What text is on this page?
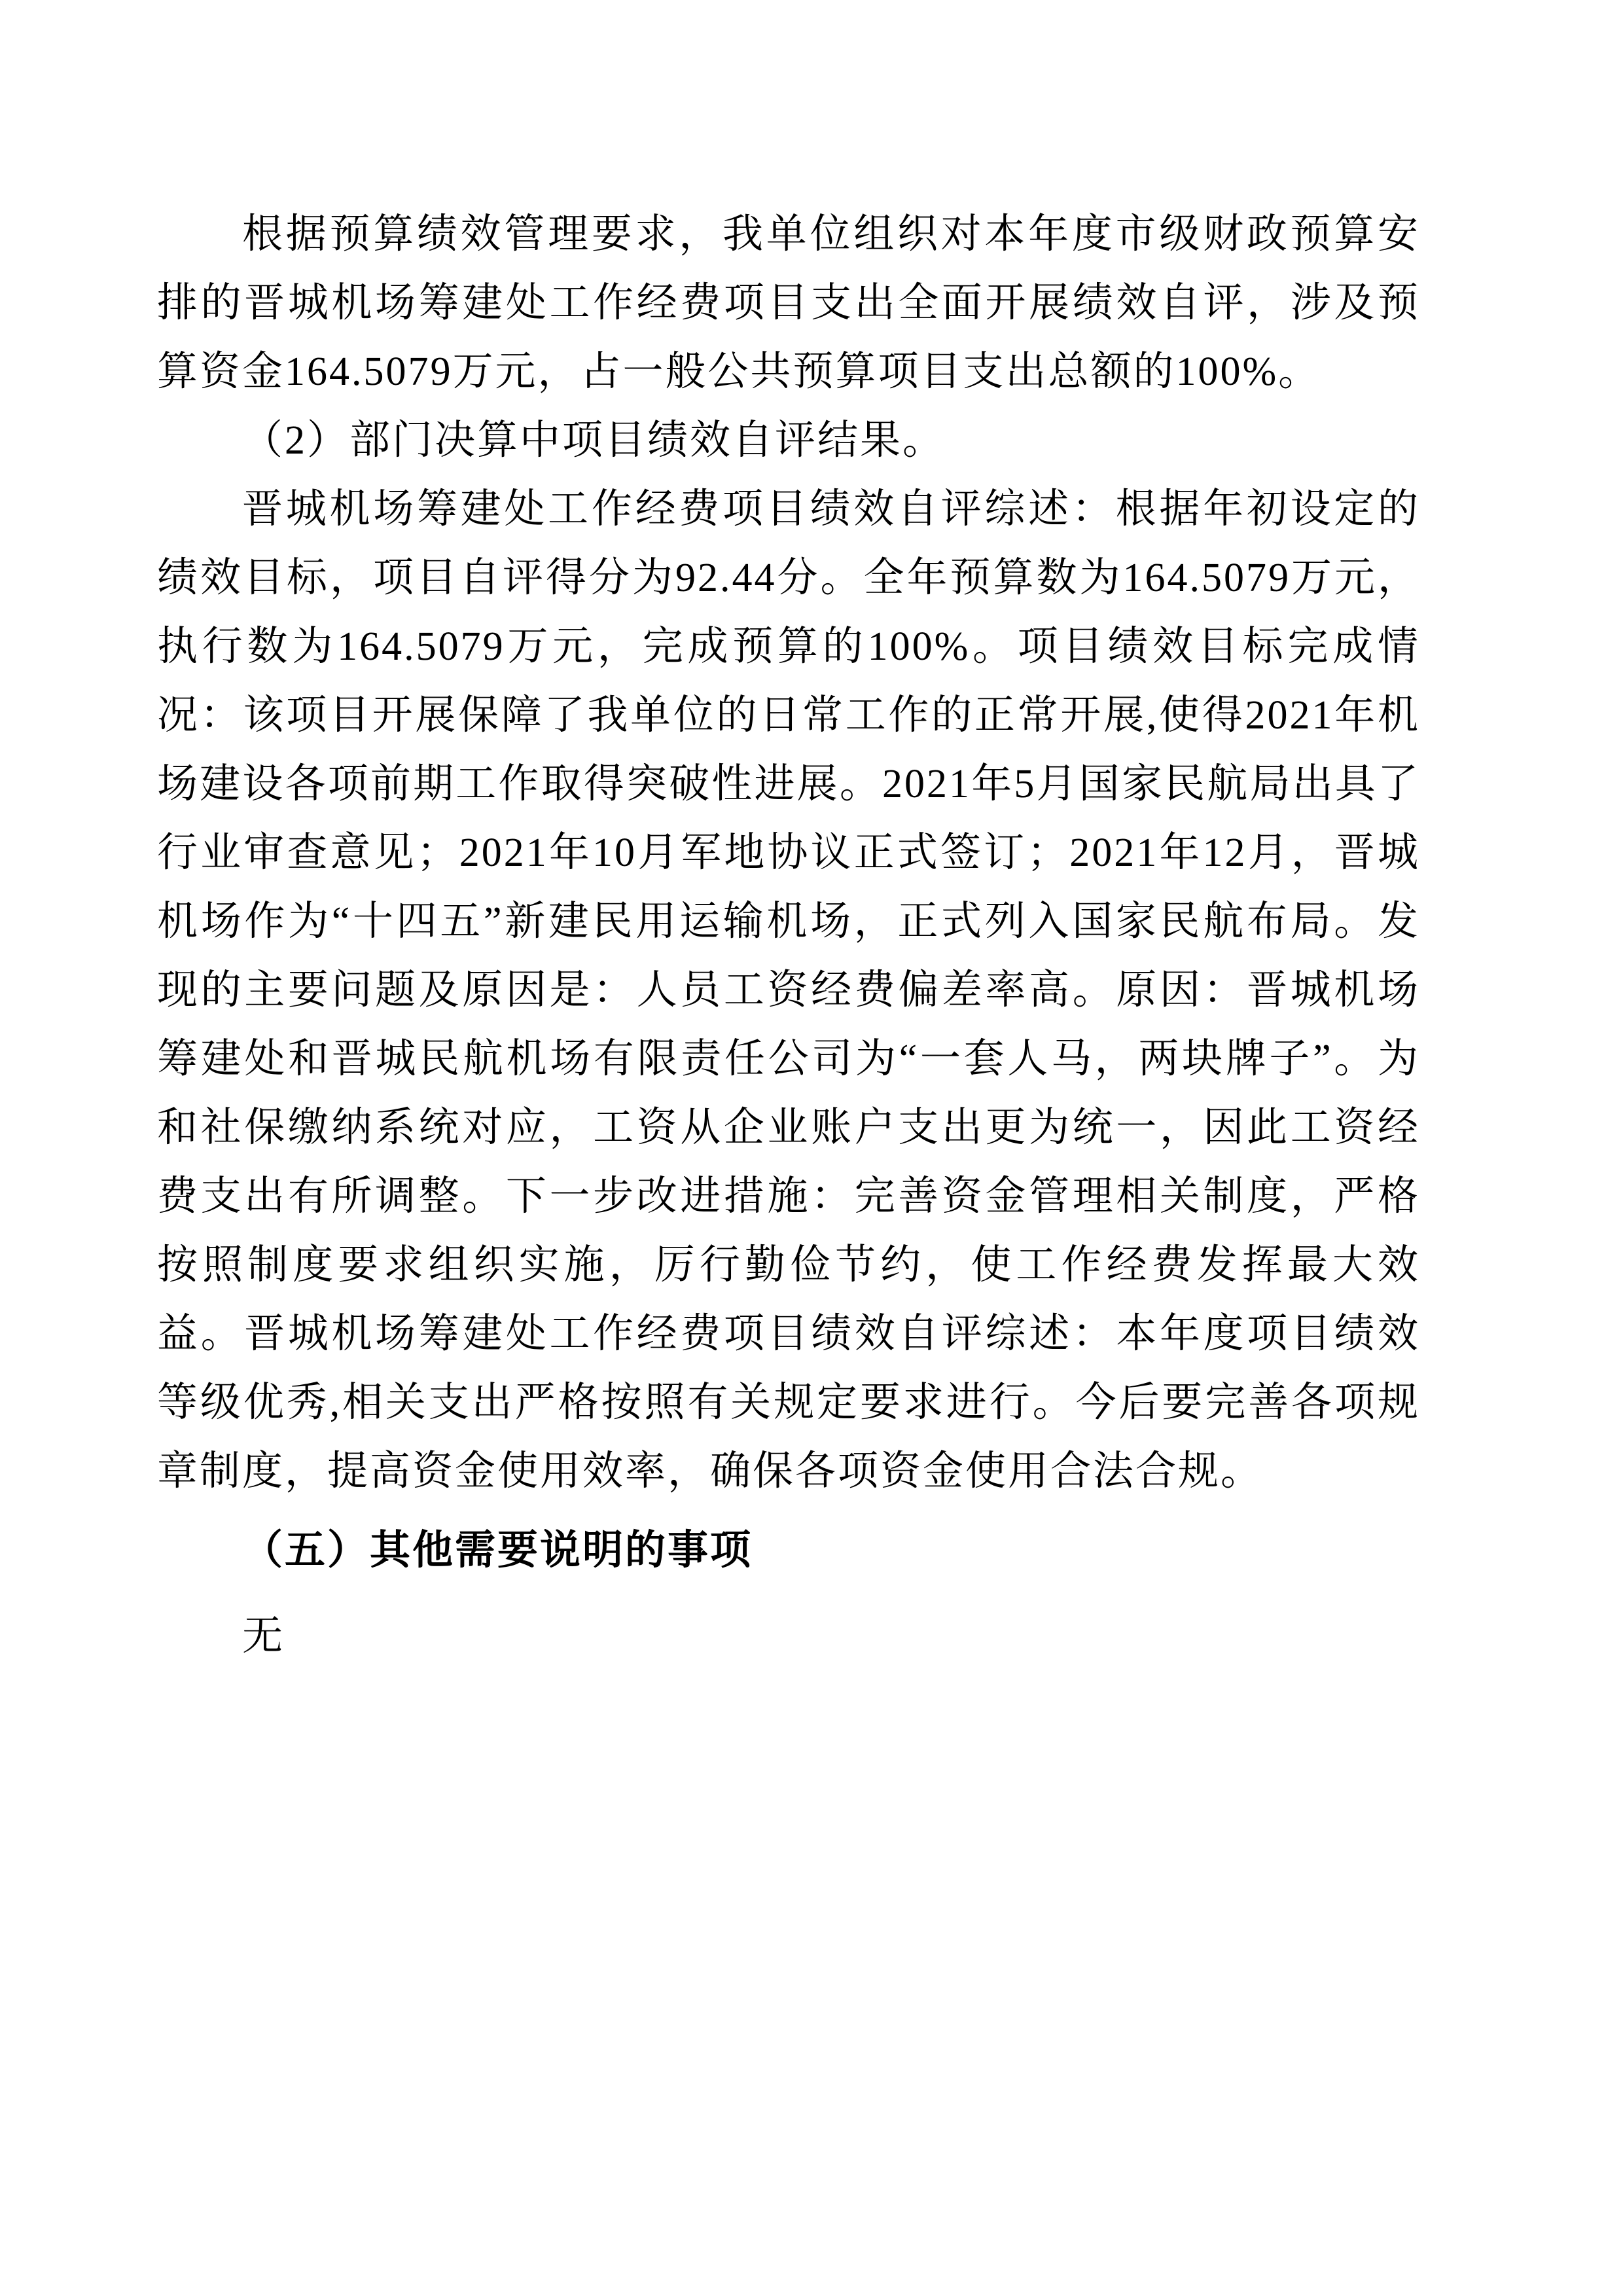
根据预算绩效管理要求，我单位组织对本年度市级财政预算安排的晋城机场筹建处工作经费项目支出全面开展绩效自评，涉及预算资金164.5079万元，占一般公共预算项目支出总额的100%。

（2）部门决算中项目绩效自评结果。

晋城机场筹建处工作经费项目绩效自评综述：根据年初设定的绩效目标，项目自评得分为92.44分。全年预算数为164.5079万元，执行数为164.5079万元，完成预算的100%。项目绩效目标完成情况：该项目开展保障了我单位的日常工作的正常开展,使得2021年机场建设各项前期工作取得突破性进展。2021年5月国家民航局出具了行业审查意见；2021年10月军地协议正式签订；2021年12月，晋城机场作为“十四五”新建民用运输机场，正式列入国家民航布局。发现的主要问题及原因是：人员工资经费偏差率高。原因：晋城机场筹建处和晋城民航机场有限责任公司为“一套人马，两块牌子”。为和社保缴纳系统对应，工资从企业账户支出更为统一，因此工资经费支出有所调整。下一步改进措施：完善资金管理相关制度，严格按照制度要求组织实施，厉行勤俭节约，使工作经费发挥最大效益。晋城机场筹建处工作经费项目绩效自评综述：本年度项目绩效等级优秀,相关支出严格按照有关规定要求进行。今后要完善各项规章制度，提高资金使用效率，确保各项资金使用合法合规。

（五）其他需要说明的事项

无
